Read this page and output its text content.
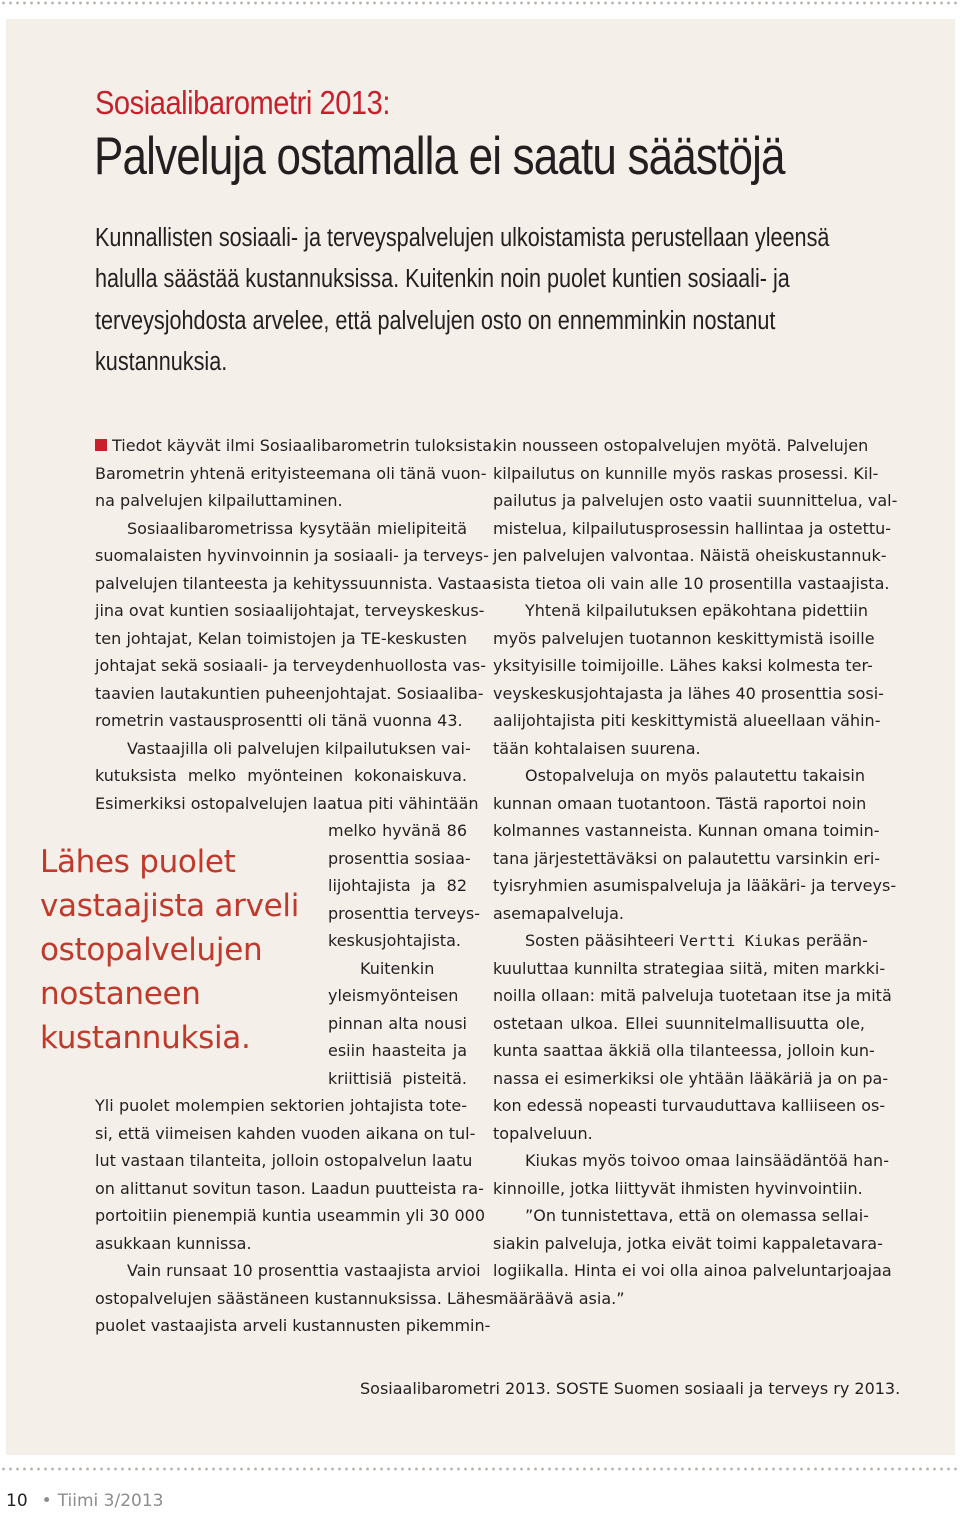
Sosiaalibarometri 2013:
Palveluja ostamalla ei saatu säästöjä
Kunnallisten sosiaali- ja terveyspalvelujen ulkoistamista perustellaan yleensä
halulla säästää kustannuksissa. Kuitenkin noin puolet kuntien sosiaali- ja
terveysjohdosta arvelee, että palvelujen osto on ennemminkin nostanut
kustannuksia.
Tiedot käyvät ilmi Sosiaalibarometrin tuloksista.
Barometrin yhtenä erityisteemana oli tänä vuon-
na palvelujen kilpailuttaminen.
Sosiaalibarometrissa kysytään mielipiteitä
suomalaisten hyvinvoinnin ja sosiaali- ja terveys-
palvelujen tilanteesta ja kehityssuunnista. Vastaa-
jina ovat kuntien sosiaalijohtajat, terveyskeskus-
ten johtajat, Kelan toimistojen ja TE-keskusten
johtajat sekä sosiaali- ja terveydenhuollosta vas-
taavien lautakuntien puheenjohtajat. Sosiaaliba-
rometrin vastausprosentti oli tänä vuonna 43.
Vastaajilla oli palvelujen kilpailutuksen vai-
kutuksista melko myönteinen kokonaiskuva.
Esimerkiksi ostopalvelujen laatua piti vähintään
melko hyvänä 86
prosenttia sosiaa-
lijohtajista ja 82
prosenttia terveys-
keskusjohtajista.
Kuitenkin
yleismyönteisen
pinnan alta nousi
esiin haasteita ja
kriittisiä pisteitä.
Lähes puolet
vastaajista arveli
ostopalvelujen
nostaneen
kustannuksia.
Yli puolet molempien sektorien johtajista tote-
si, että viimeisen kahden vuoden aikana on tul-
lut vastaan tilanteita, jolloin ostopalvelun laatu
on alittanut sovitun tason. Laadun puutteista ra-
portoitiin pienempiä kuntia useammin yli 30 000
asukkaan kunnissa.
Vain runsaat 10 prosenttia vastaajista arvioi
ostopalvelujen säästäneen kustannuksissa. Lähes
puolet vastaajista arveli kustannusten pikemmin-
kin nousseen ostopalvelujen myötä. Palvelujen
kilpailutus on kunnille myös raskas prosessi. Kil-
pailutus ja palvelujen osto vaatii suunnittelua, val-
mistelua, kilpailutusprosessin hallintaa ja ostettu-
jen palvelujen valvontaa. Näistä oheiskustannuk-
sista tietoa oli vain alle 10 prosentilla vastaajista.
Yhtenä kilpailutuksen epäkohtana pidettiin
myös palvelujen tuotannon keskittymistä isoille
yksityisille toimijoille. Lähes kaksi kolmesta ter-
veyskeskusjohtajasta ja lähes 40 prosenttia sosi-
aalijohtajista piti keskittymistä alueellaan vähin-
tään kohtalaisen suurena.
Ostopalveluja on myös palautettu takaisin
kunnan omaan tuotantoon. Tästä raportoi noin
kolmannes vastanneista. Kunnan omana toimin-
tana järjestettäväksi on palautettu varsinkin eri-
tyisryhmien asumispalveluja ja lääkäri- ja terveys-
asemapalveluja.
Sosten pääsihteeri Vertti Kiukas perään-
kuuluttaa kunnilta strategiaa siitä, miten markki-
noilla ollaan: mitä palveluja tuotetaan itse ja mitä
ostetaan ulkoa. Ellei suunnitelmallisuutta ole,
kunta saattaa äkkiä olla tilanteessa, jolloin kun-
nassa ei esimerkiksi ole yhtään lääkäriä ja on pa-
kon edessä nopeasti turvauduttava kalliiseen os-
topalveluun.
Kiukas myös toivoo omaa lainsäädäntöä han-
kinnoille, jotka liittyvät ihmisten hyvinvointiin.
”On tunnistettava, että on olemassa sellai-
siakin palveluja, jotka eivät toimi kappaletavara-
logiikalla. Hinta ei voi olla ainoa palveluntarjoajaa
määräävä asia.”
Sosiaalibarometri 2013. SOSTE Suomen sosiaali ja terveys ry 2013.
10 • Tiimi 3/2013
